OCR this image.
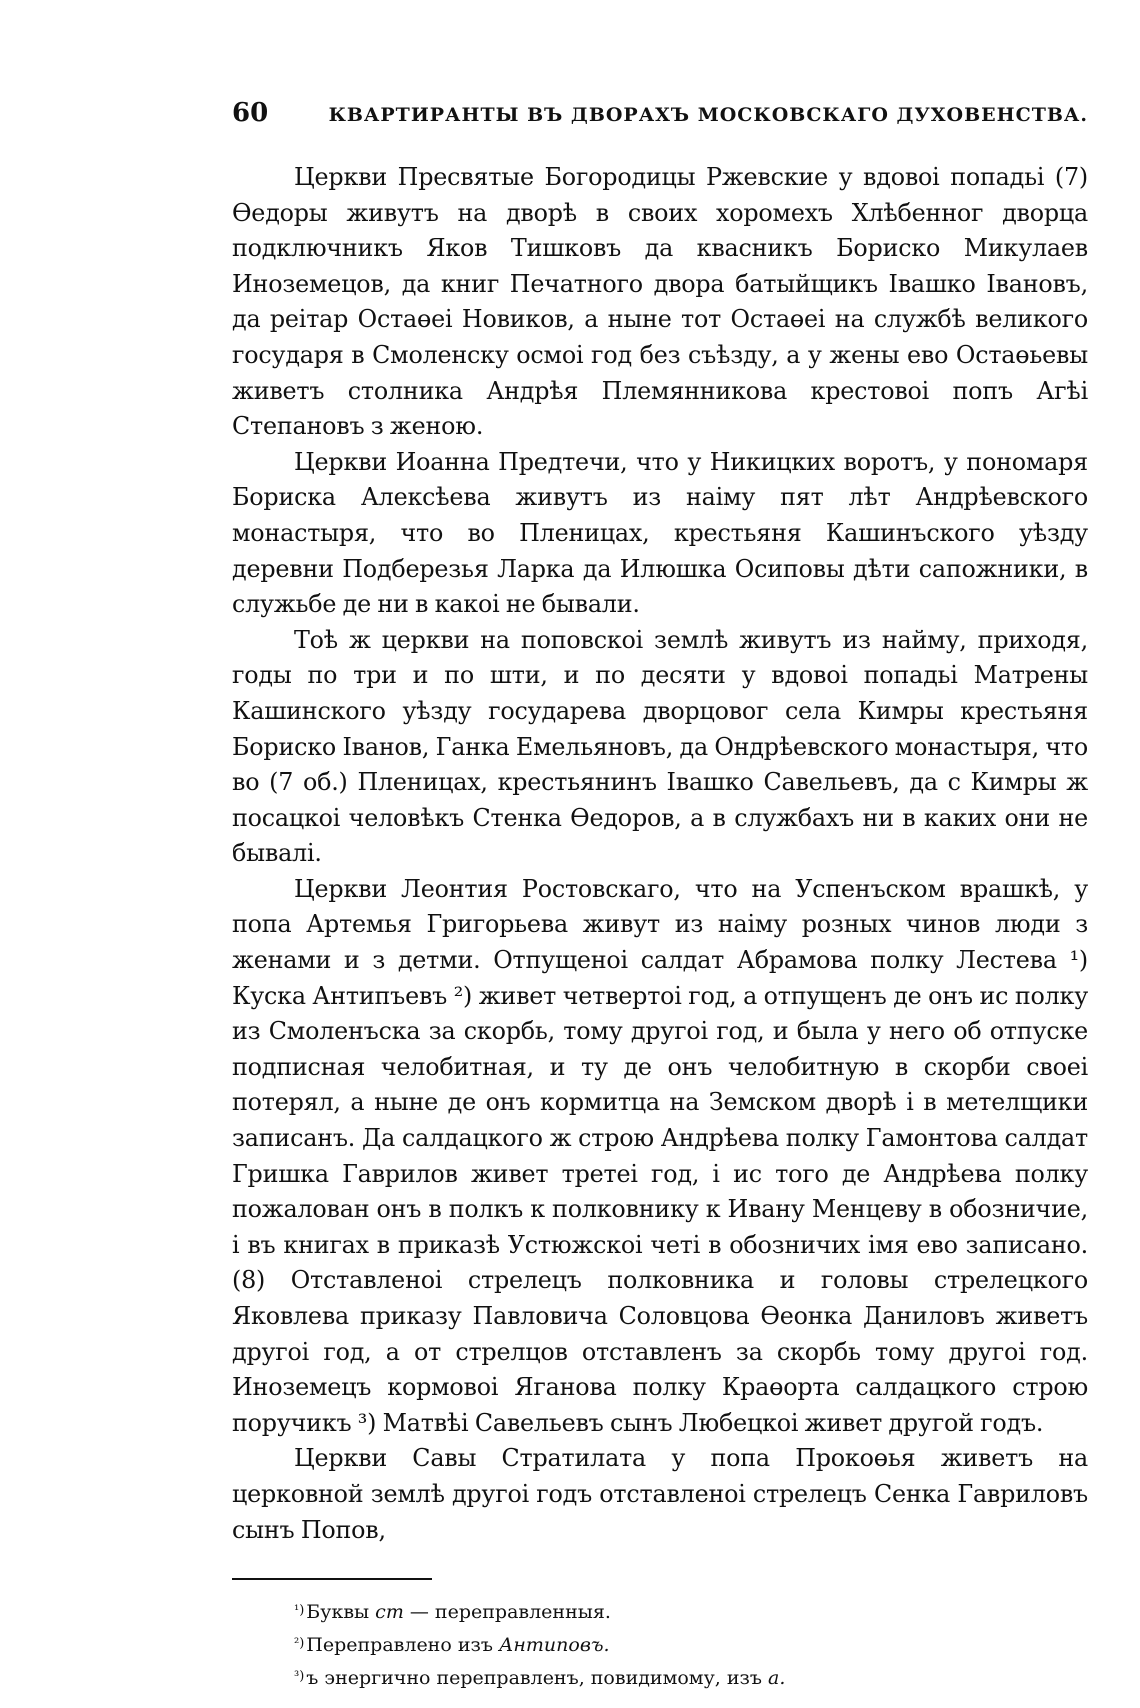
60	КВАРТИРАНТЫ ВЪ ДВОРАХЪ МОСКОВСКАГО ДУХОВЕНСТВА.

Церкви Пресвятые Богородицы Ржевские у вдовоі попадьі (7) Өедоры живутъ на дворѣ в своих хоромехъ Хлѣбенног дворца подключникъ Яков Тишковъ да квасникъ Бориско Микулаев Иноземецов, да книг Печатного двора батыйщикъ Івашко Івановъ, да реітар Остаөеі Новиков, а ныне тот Остаөеі на службѣ великого государя в Смоленску осмоі год без съѣзду, а у жены ево Остаөьевы живетъ столника Андрѣя Племянникова крестовоі попъ Агѣі Степановъ з женою.

Церкви Иоанна Предтечи, что у Никицких воротъ, у пономаря Бориска Алексѣева живутъ из наіму пят лѣт Андрѣевского монастыря, что во Пленицах, крестьяня Кашинъского уѣзду деревни Подберезья Ларка да Илюшка Осиповы дѣти сапожники, в служьбе де ни в какоі не бывали.

Тоѣ ж церкви на поповскоі землѣ живутъ из найму, приходя, годы по три и по шти, и по десяти у вдовоі попадьі Матрены Кашинского уѣзду государева дворцовог села Кимры крестьяня Бориско Іванов, Ганка Емельяновъ, да Ондрѣевского монастыря, что во (7 об.) Пленицах, крестьянинъ Івашко Савельевъ, да с Кимры ж посацкоі человѣкъ Стенка Өедоров, а в службахъ ни в каких они не бывалі.

Церкви Леонтия Ростовскаго, что на Успенъском врашкѣ, у попа Артемья Григорьева живут из наіму розных чинов люди з женами и з детми. Отпущеноі салдат Абрамова полку Лестева ¹) Куска Антипъевъ ²) живет четвертоі год, а отпущенъ де онъ ис полку из Смоленъска за скорбь, тому другоі год, и была у него об отпуске подписная челобитная, и ту де онъ челобитную в скорби своеі потерял, а ныне де онъ кормитца на Земском дворѣ і в метелщики записанъ. Да салдацкого ж строю Андрѣева полку Гамонтова салдат Гришка Гаврилов живет третеі год, і ис того де Андрѣева полку пожалован онъ в полкъ к полковнику к Ивану Менцеву в обозничие, і въ книгах в приказѣ Устюжскоі четі в обозничих імя ево записано. (8) Отставленоі стрелецъ полковника и головы стрелецкого Яковлева приказу Павловича Соловцова Өеонка Даниловъ живетъ другоі год, а от стрелцов отставленъ за скорбь тому другоі год. Иноземецъ кормовоі Яганова полку Краөорта салдацкого строю поручикъ ³) Матвѣі Савельевъ сынъ Любецкоі живет другой годъ.

Церкви Савы Стратилата у попа Прокоөья живетъ на церковной землѣ другоі годъ отставленоі стрелецъ Сенка Гавриловъ сынъ Попов,

$^{^1)}$ Буквы ст — переправленныя.
$^{^2)}$ Переправлено изъ Антиповъ.
$^{^3)}$ ъ энергично переправленъ, повидимому, изъ а.
